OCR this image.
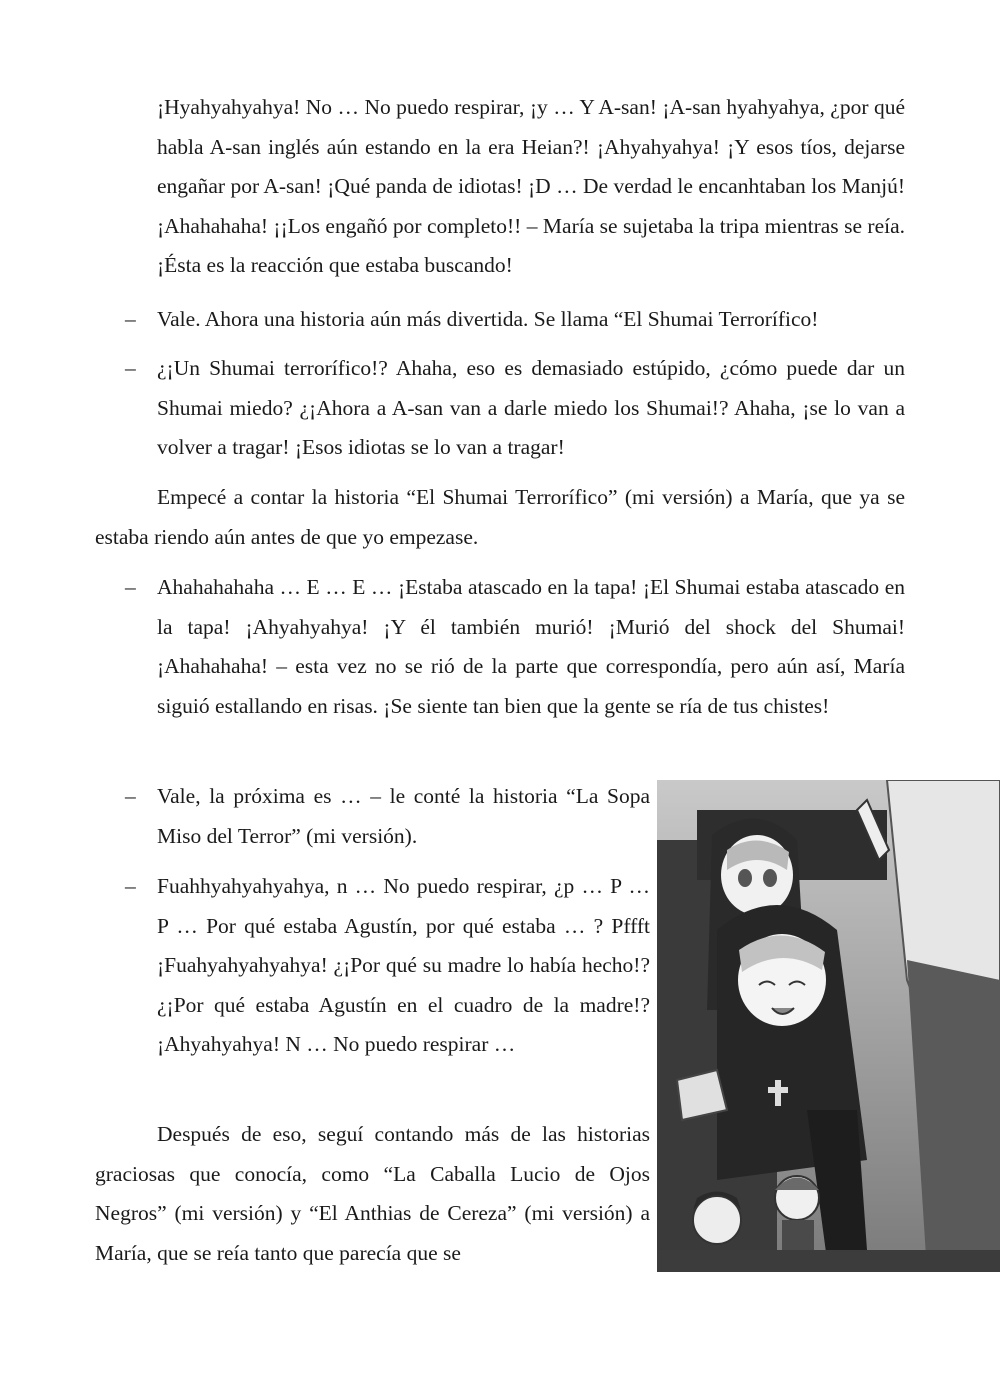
¡Hyahyahyahya! No … No puedo respirar, ¡y … Y A-san! ¡A-san hyahyahya, ¿por qué habla A-san inglés aún estando en la era Heian?! ¡Ahyahyahya! ¡Y esos tíos, dejarse engañar por A-san! ¡Qué panda de idiotas! ¡D … De verdad le encanhtaban los Manjú! ¡Ahahahaha! ¡¡Los engañó por completo!! – María se sujetaba la tripa mientras se reía. ¡Ésta es la reacción que estaba buscando!

– Vale. Ahora una historia aún más divertida. Se llama “El Shumai Terrorífico!

– ¿¡Un Shumai terrorífico!? Ahaha, eso es demasiado estúpido, ¿cómo puede dar un Shumai miedo? ¿¡Ahora a A-san van a darle miedo los Shumai!? Ahaha, ¡se lo van a volver a tragar! ¡Esos idiotas se lo van a tragar!

Empecé a contar la historia “El Shumai Terrorífico” (mi versión) a María, que ya se estaba riendo aún antes de que yo empezase.

– Ahahahahaha … E … E … ¡Estaba atascado en la tapa! ¡El Shumai estaba atascado en la tapa! ¡Ahyahyahya! ¡Y él también murió! ¡Murió del shock del Shumai! ¡Ahahahaha! – esta vez no se rió de la parte que correspondía, pero aún así, María siguió estallando en risas. ¡Se siente tan bien que la gente se ría de tus chistes!

– Vale, la próxima es … – le conté la historia “La Sopa Miso del Terror” (mi versión).

– Fuahhyahyahyahya, n … No puedo respirar, ¿p … P … P … Por qué estaba Agustín, por qué estaba … ? Pffft ¡Fuahyahyahyahya! ¿¡Por qué su madre lo había hecho!? ¿¡Por qué estaba Agustín en el cuadro de la madre!? ¡Ahyahyahya! N … No puedo respirar …

Después de eso, seguí contando más de las historias graciosas que conocía, como “La Caballa Lucio de Ojos Negros” (mi versión) y “El Anthias de Cereza” (mi versión) a María, que se reía tanto que parecía que se
